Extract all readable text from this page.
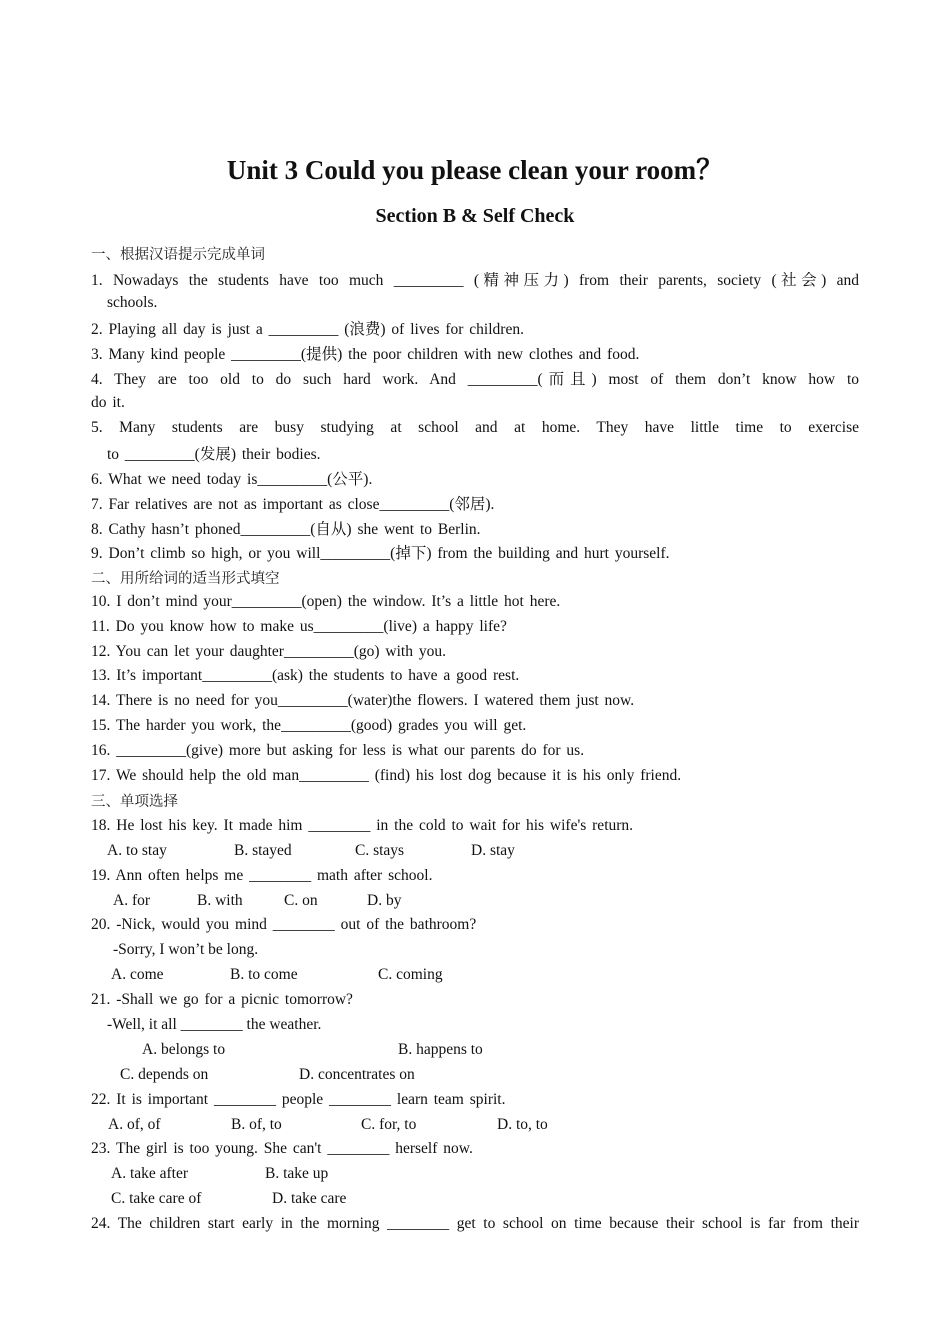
Unit 3 Could you please clean your room？
Section B & Self Check
一、根据汉语提示完成单词
1. Nowadays the students have too much _________ (精神压力) from their parents, society (社会) and
schools.
2. Playing all day is just a _________ (浪费) of lives for children.
3. Many kind people _________(提供) the poor children with new clothes and food.
4. They are too old to do such hard work. And _________(而且) most of them don’t know how to
do it.
5. Many students are busy studying at school and at home. They have little time to exercise
to _________(发展) their bodies.
6. What we need today is_________(公平).
7. Far relatives are not as important as close_________(邻居).
8. Cathy hasn’t phoned_________(自从) she went to Berlin.
9. Don’t climb so high, or you will_________(掉下) from the building and hurt yourself.
二、用所给词的适当形式填空
10. I don’t mind your_________(open) the window. It’s a little hot here.
11. Do you know how to make us_________(live) a happy life?
12. You can let your daughter_________(go) with you.
13. It’s important_________(ask) the students to have a good rest.
14. There is no need for you_________(water)the flowers. I watered them just now.
15. The harder you work, the_________(good) grades you will get.
16. _________(give) more but asking for less is what our parents do for us.
17. We should help the old man_________ (find) his lost dog because it is his only friend.
三、单项选择
18. He lost his key. It made him ________ in the cold to wait for his wife's return.
A. to stay	B. stayed	C. stays	D. stay
19. Ann often helps me ________ math after school.
A. for	B. with	C. on	D. by
20. -Nick, would you mind ________ out of the bathroom?
-Sorry, I won’t be long.
A. come	B. to come	C. coming
21. -Shall we go for a picnic tomorrow?
-Well, it all ________ the weather.
A. belongs to	B. happens to
C. depends on	D. concentrates on
22. It is important ________ people ________ learn team spirit.
A. of, of	B. of, to	C. for, to	D. to, to
23. The girl is too young. She can't ________ herself now.
A. take after	B. take up
C. take care of	D. take care
24. The children start early in the morning ________ get to school on time because their school is far from their
